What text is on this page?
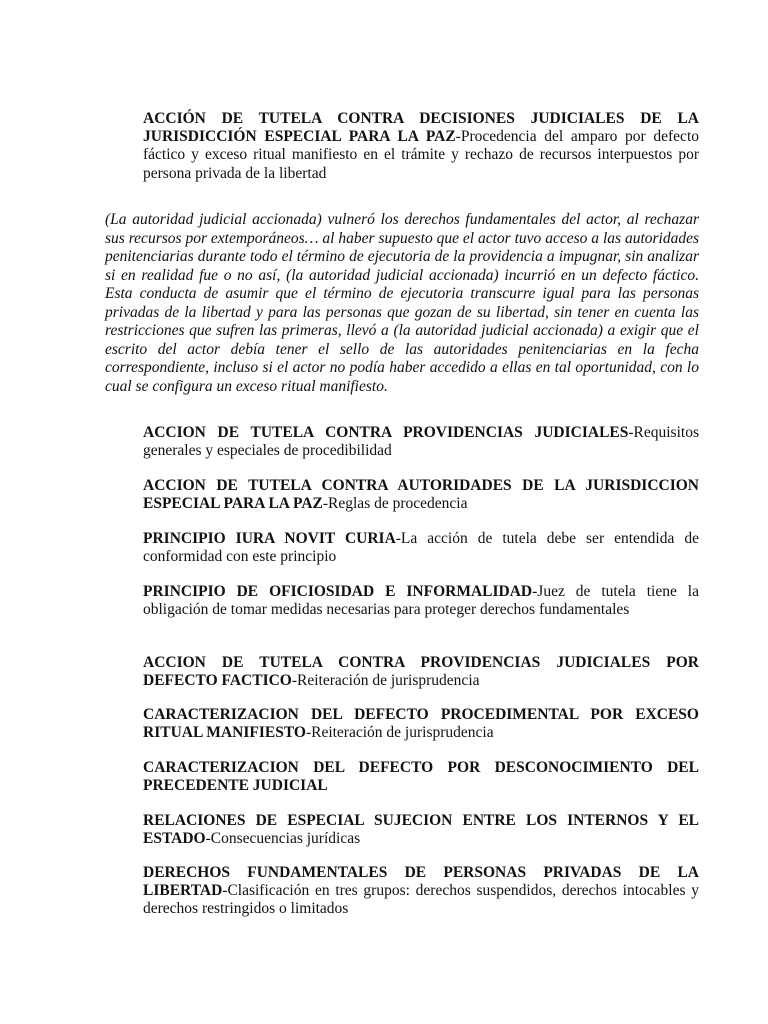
ACCIÓN DE TUTELA CONTRA DECISIONES JUDICIALES DE LA JURISDICCIÓN ESPECIAL PARA LA PAZ-Procedencia del amparo por defecto fáctico y exceso ritual manifiesto en el trámite y rechazo de recursos interpuestos por persona privada de la libertad

(La autoridad judicial accionada) vulneró los derechos fundamentales del actor, al rechazar sus recursos por extemporáneos… al haber supuesto que el actor tuvo acceso a las autoridades penitenciarias durante todo el término de ejecutoria de la providencia a impugnar, sin analizar si en realidad fue o no así, (la autoridad judicial accionada) incurrió en un defecto fáctico. Esta conducta de asumir que el término de ejecutoria transcurre igual para las personas privadas de la libertad y para las personas que gozan de su libertad, sin tener en cuenta las restricciones que sufren las primeras, llevó a (la autoridad judicial accionada) a exigir que el escrito del actor debía tener el sello de las autoridades penitenciarias en la fecha correspondiente, incluso si el actor no podía haber accedido a ellas en tal oportunidad, con lo cual se configura un exceso ritual manifiesto.

ACCION DE TUTELA CONTRA PROVIDENCIAS JUDICIALES-Requisitos generales y especiales de procedibilidad

ACCION DE TUTELA CONTRA AUTORIDADES DE LA JURISDICCION ESPECIAL PARA LA PAZ-Reglas de procedencia

PRINCIPIO IURA NOVIT CURIA-La acción de tutela debe ser entendida de conformidad con este principio

PRINCIPIO DE OFICIOSIDAD E INFORMALIDAD-Juez de tutela tiene la obligación de tomar medidas necesarias para proteger derechos fundamentales

ACCION DE TUTELA CONTRA PROVIDENCIAS JUDICIALES POR DEFECTO FACTICO-Reiteración de jurisprudencia

CARACTERIZACION DEL DEFECTO PROCEDIMENTAL POR EXCESO RITUAL MANIFIESTO-Reiteración de jurisprudencia

CARACTERIZACION DEL DEFECTO POR DESCONOCIMIENTO DEL PRECEDENTE JUDICIAL

RELACIONES DE ESPECIAL SUJECION ENTRE LOS INTERNOS Y EL ESTADO-Consecuencias jurídicas

DERECHOS FUNDAMENTALES DE PERSONAS PRIVADAS DE LA LIBERTAD-Clasificación en tres grupos: derechos suspendidos, derechos intocables y derechos restringidos o limitados
